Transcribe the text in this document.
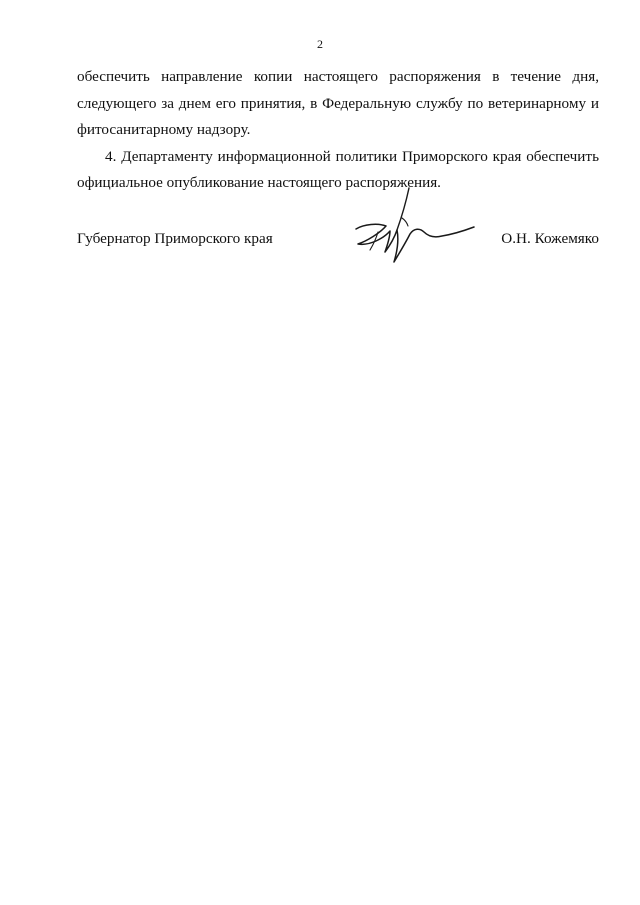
2

обеспечить направление копии настоящего распоряжения в течение дня, следующего за днем его принятия, в Федеральную службу по ветеринарному и фитосанитарному надзору.

4. Департаменту информационной политики Приморского края обеспечить официальное опубликование настоящего распоряжения.

Губернатор Приморского края	О.Н. Кожемяко
